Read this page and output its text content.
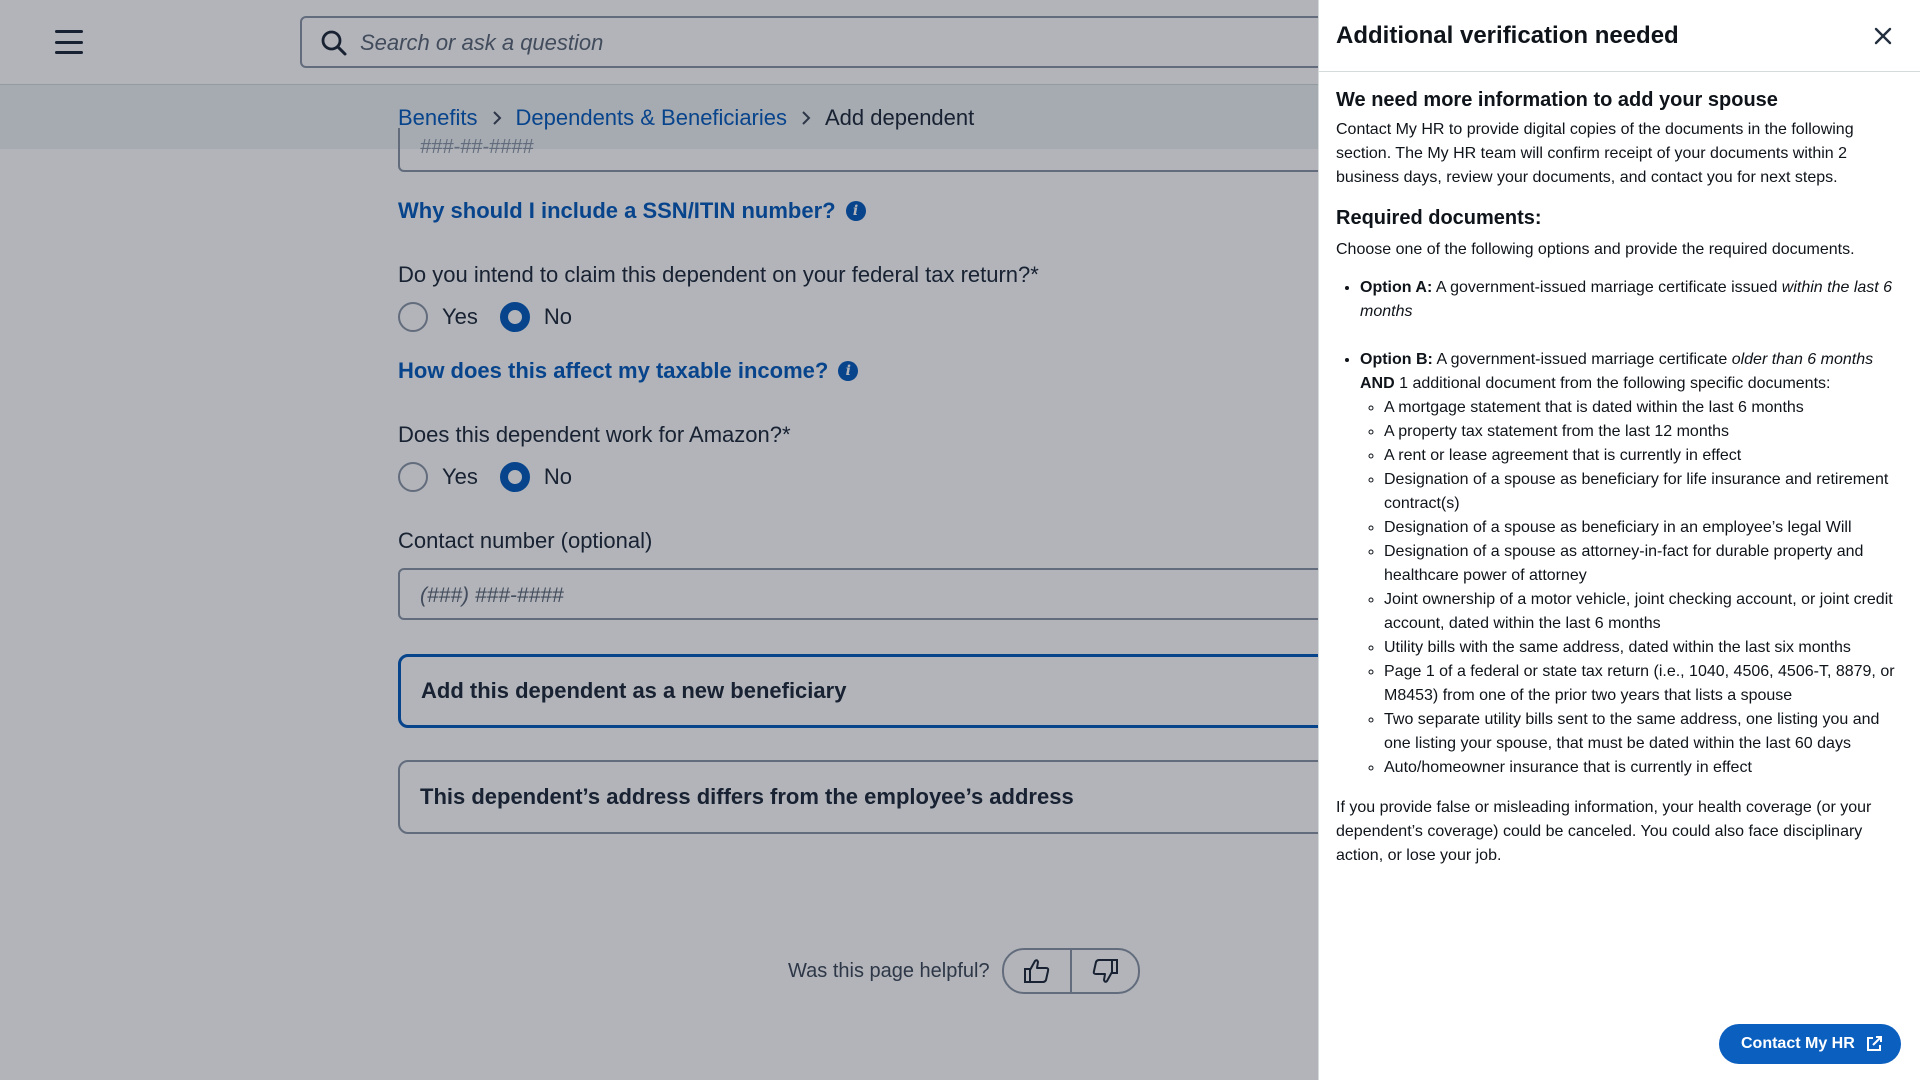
Search or ask a question
Benefits Dependents & Beneficiaries Add dependent
###-##-####
Why should I include a SSN/ITIN number?	i
Do you intend to claim this dependent on your federal tax return?*
Yes	No
How does this affect my taxable income?	i
Does this dependent work for Amazon?*
Yes	No
Contact number (optional)
(###) ###-####
Add this dependent as a new beneficiary
This dependent’s address differs from the employee’s address
Was this page helpful?
Additional verification needed
We need more information to add your spouse

Contact My HR to provide digital copies of the documents in the following section. The My HR team will confirm receipt of your documents within 2 business days, review your documents, and contact you for next steps.

Required documents:

Choose one of the following options and provide the required documents.

• Option A: A government-issued marriage certificate issued within the last 6 months
• Option B: A government-issued marriage certificate older than 6 months
AND 1 additional document from the following specific documents:
◦ A mortgage statement that is dated within the last 6 months
◦ A property tax statement from the last 12 months
◦ A rent or lease agreement that is currently in effect
◦ Designation of a spouse as beneficiary for life insurance and retirement contract(s)
◦ Designation of a spouse as beneficiary in an employee’s legal Will
◦ Designation of a spouse as attorney-in-fact for durable property and healthcare power of attorney
◦ Joint ownership of a motor vehicle, joint checking account, or joint credit account, dated within the last 6 months
◦ Utility bills with the same address, dated within the last six months
◦ Page 1 of a federal or state tax return (i.e., 1040, 4506, 4506-T, 8879, or M8453) from one of the prior two years that lists a spouse
◦ Two separate utility bills sent to the same address, one listing you and one listing your spouse, that must be dated within the last 60 days
◦ Auto/homeowner insurance that is currently in effect

If you provide false or misleading information, your health coverage (or your dependent’s coverage) could be canceled. You could also face disciplinary action, or lose your job.

Contact My HR
